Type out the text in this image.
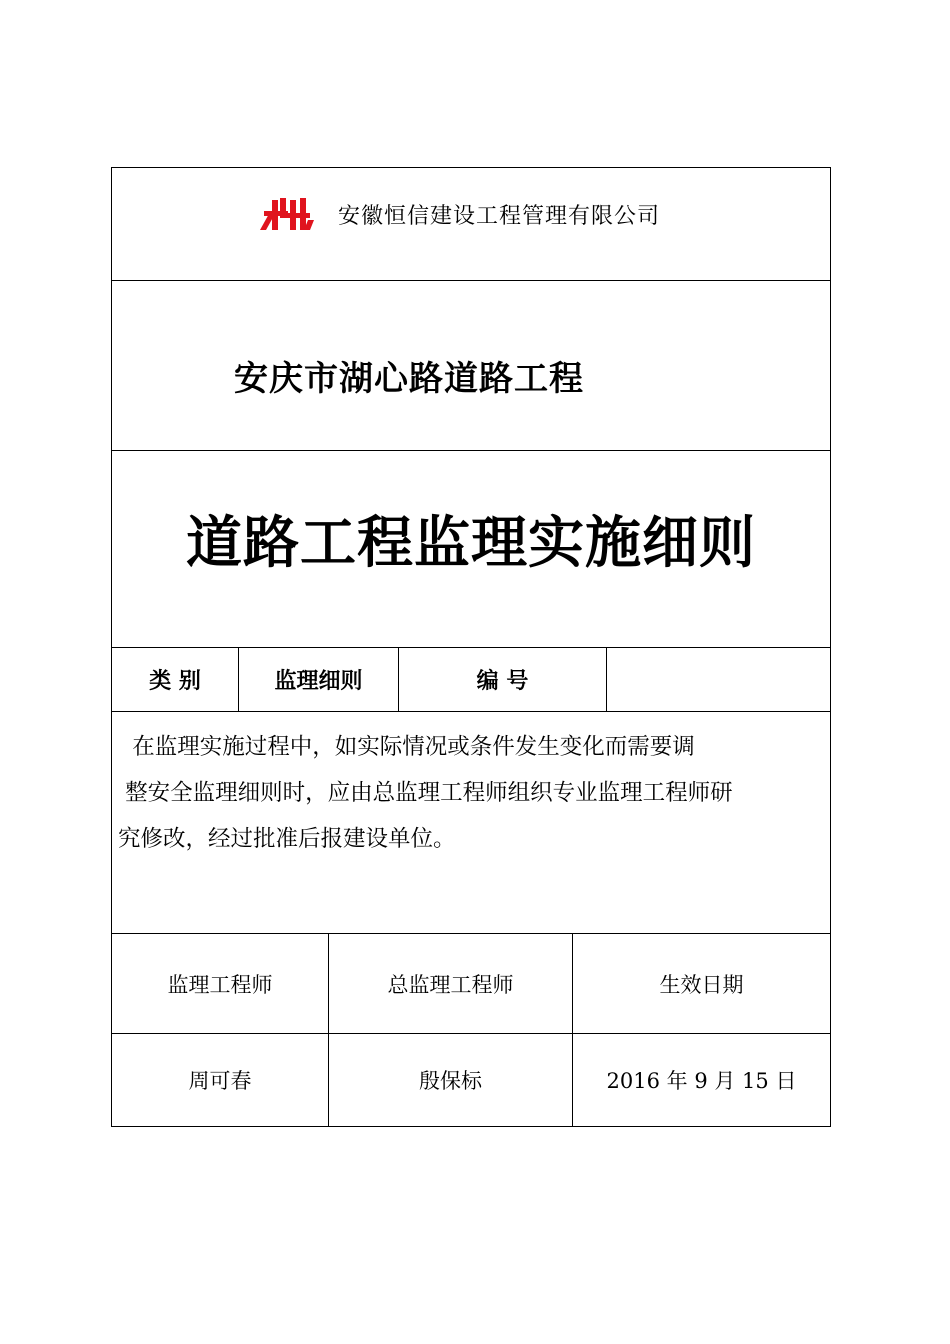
安徽恒信建设工程管理有限公司
安庆市湖心路道路工程
道路工程监理实施细则
类 别	监理细则	编 号
在监理实施过程中，如实际情况或条件发生变化而需要调
整安全监理细则时，应由总监理工程师组织专业监理工程师研
究修改，经过批准后报建设单位。
监理工程师	总监理工程师	生效日期
周可春	殷保标	2016 年 9 月 15 日
